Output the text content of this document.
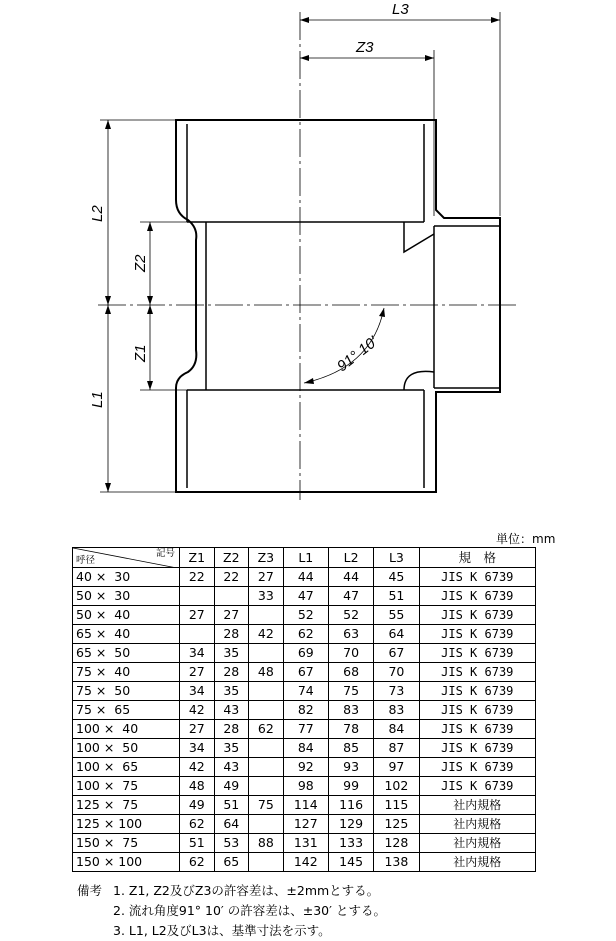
L3
Z3
L2
Z2
Z1
L1
91° 10′
単位：mm
記号
呼径	Z1	Z2	Z3	L1	L2	L3	規　格
40 ×  30	22	22	27	44	44	45	JIS K 6739
50 ×  30			33	47	47	51	JIS K 6739
50 ×  40	27	27		52	52	55	JIS K 6739
65 ×  40		28	42	62	63	64	JIS K 6739
65 ×  50	34	35		69	70	67	JIS K 6739
75 ×  40	27	28	48	67	68	70	JIS K 6739
75 ×  50	34	35		74	75	73	JIS K 6739
75 ×  65	42	43		82	83	83	JIS K 6739
100 ×  40	27	28	62	77	78	84	JIS K 6739
100 ×  50	34	35		84	85	87	JIS K 6739
100 ×  65	42	43		92	93	97	JIS K 6739
100 ×  75	48	49		98	99	102	JIS K 6739
125 ×  75	49	51	75	114	116	115	社内規格
125 × 100	62	64		127	129	125	社内規格
150 ×  75	51	53	88	131	133	128	社内規格
150 × 100	62	65		142	145	138	社内規格
備考 1. Z1, Z2及びZ3の許容差は、±2mmとする。
2. 流れ角度91° 10′ の許容差は、±30′ とする。
3. L1, L2及びL3は、基準寸法を示す。
